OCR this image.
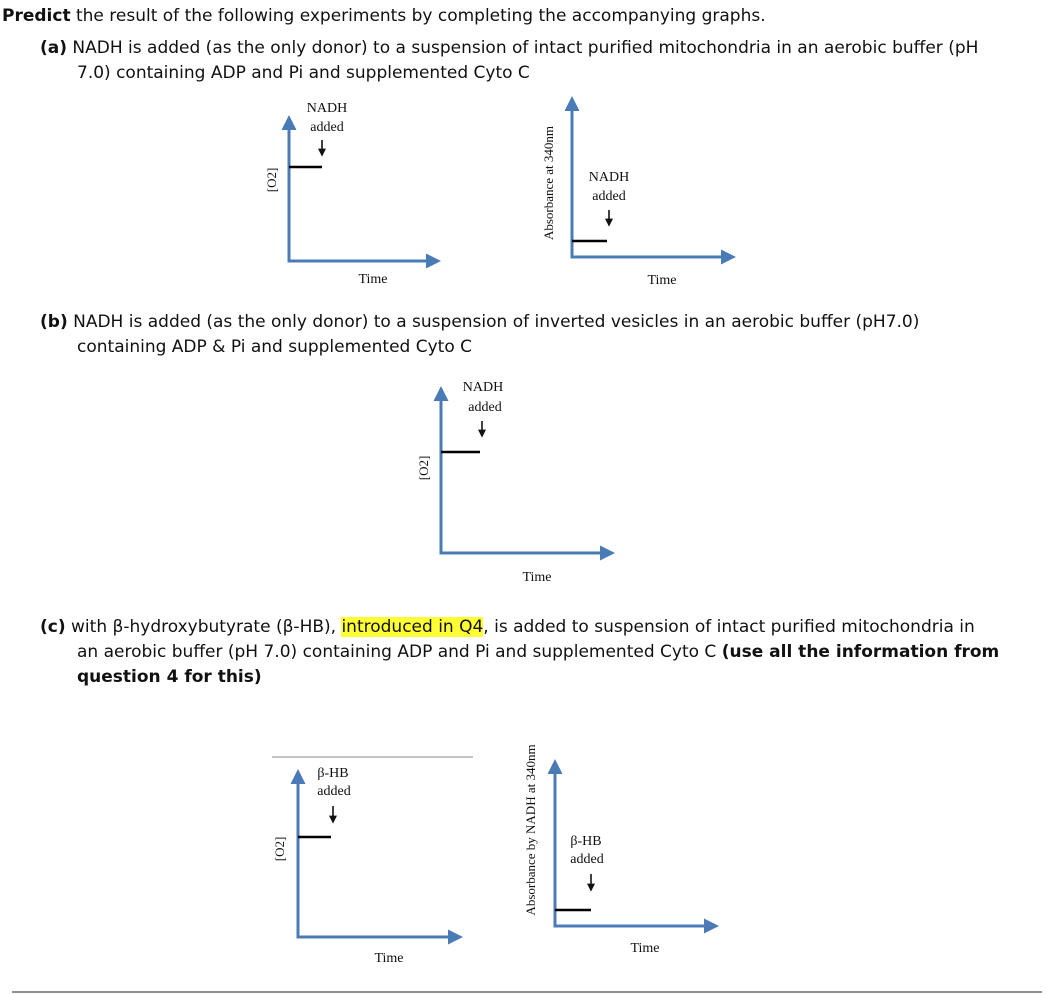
Predict the result of the following experiments by completing the accompanying graphs.
(a) NADH is added (as the only donor) to a suspension of intact purified mitochondria in an aerobic buffer (pH
7.0) containing ADP and Pi and supplemented Cyto C
(b) NADH is added (as the only donor) to a suspension of inverted vesicles in an aerobic buffer (pH7.0)
containing ADP & Pi and supplemented Cyto C
(c) with β-hydroxybutyrate (β-HB), introduced in Q4, is added to suspension of intact purified mitochondria in
an aerobic buffer (pH 7.0) containing ADP and Pi and supplemented Cyto C (use all the information from
question 4 for this)
NADH
added
[O2]
Time
NADH
added
Absorbance at 340nm
Time
NADH
added
[O2]
Time
β-HB
added
[O2]
Time
β-HB
added
Absorbance by NADH at 340nm
Time
